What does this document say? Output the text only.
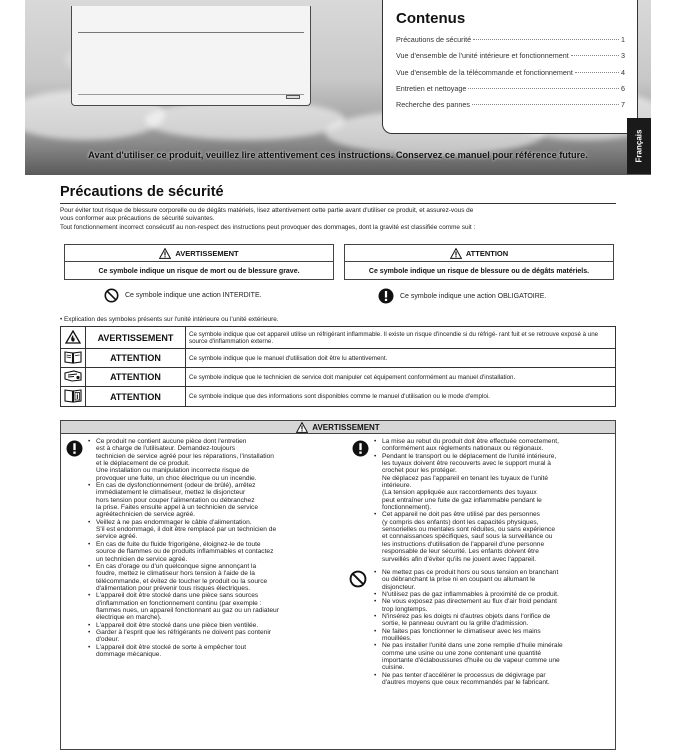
Contenus
Précautions de sécurité	1
Vue d'ensemble de l'unité intérieure et fonctionnement	3
Vue d'ensemble de la télécommande et fonctionnement	4
Entretien et nettoyage	6
Recherche des pannes	7
Avant d'utiliser ce produit, veuillez lire attentivement ces instructions. Conservez ce manuel pour référence future.	Français
Précautions de sécurité
Pour éviter tout risque de blessure corporelle ou de dégâts matériels, lisez attentivement cette partie avant d'utiliser ce produit, et assurez-vous de
vous conformer aux précautions de sécurité suivantes.
Tout fonctionnement incorrect consécutif au non-respect des instructions peut provoquer des dommages, dont la gravité est classifiée comme suit :
AVERTISSEMENT
Ce symbole indique un risque de mort ou de blessure grave.
ATTENTION
Ce symbole indique un risque de blessure ou de dégâts matériels.
Ce symbole indique une action INTERDITE.	Ce symbole indique une action OBLIGATOIRE.
• Explication des symboles présents sur l'unité intérieure ou l'unité extérieure.
	AVERTISSEMENT	Ce symbole indique que cet appareil utilise un réfrigérant inflammable. Il existe un risque d'incendie si du réfrigé- rant fuit et se retrouve exposé à une source d'inflammation externe.
	ATTENTION	Ce symbole indique que le manuel d'utilisation doit être lu attentivement.
	ATTENTION	Ce symbole indique que le technicien de service doit manipuler cet équipement conformément au manuel d'installation.
	ATTENTION	Ce symbole indique que des informations sont disponibles comme le manuel d'utilisation ou le mode d'emploi.
AVERTISSEMENT
• Ce produit ne contient aucune pièce dont l'entretien
est à charge de l'utilisateur. Demandez-toujours
technicien de service agréé pour les réparations, l'installation
et le déplacement de ce produit.
Une installation ou manipulation incorrecte risque de
provoquer une fuite, un choc électrique ou un incendie.
• En cas de dysfonctionnement (odeur de brûlé), arrêtez
immédiatement le climatiseur, mettez le disjoncteur
hors tension pour couper l'alimentation ou débranchez
la prise. Faites ensuite appel à un technicien de service
agréétechnicien de service agréé.
• Veillez à ne pas endommager le câble d'alimentation.
S'il est endommagé, il doit être remplacé par un technicien de
service agréé.
• En cas de fuite du fluide frigorigène, éloignez-le de toute
source de flammes ou de produits inflammables et contactez
un technicien de service agréé.
• En cas d'orage ou d'un quelconque signe annonçant la
foudre, mettez le climatiseur hors tension à l'aide de la
télécommande, et évitez de toucher le produit ou la source
d'alimentation pour prévenir tous risques électriques.
• L'appareil doit être stocké dans une pièce sans sources
d'inflammation en fonctionnement continu (par exemple :
flammes nues, un appareil fonctionnant au gaz ou un radiateur
électrique en marche).
• L'appareil doit être stocké dans une pièce bien ventilée.
• Garder à l'esprit que les réfrigérants ne doivent pas contenir
d'odeur.
• L'appareil doit être stocké de sorte à empêcher tout
dommage mécanique.
• La mise au rebut du produit doit être effectuée correctement,
conformément aux règlements nationaux ou régionaux.
• Pendant le transport ou le déplacement de l'unité intérieure,
les tuyaux doivent être recouverts avec le support mural à
crochet pour les protéger.
Ne déplacez pas l'appareil en tenant les tuyaux de l'unité
intérieure.
(La tension appliquée aux raccordements des tuyaux
peut entraîner une fuite de gaz inflammable pendant le
fonctionnement).
• Cet appareil ne doit pas être utilisé par des personnes
(y compris des enfants) dont les capacités physiques,
sensorielles ou mentales sont réduites, ou sans expérience
et connaissances spécifiques, sauf sous la surveillance ou
les instructions d'utilisation de l'appareil d'une personne
responsable de leur sécurité. Les enfants doivent être
surveillés afin d'éviter qu'ils ne jouent avec l'appareil.
• Ne mettez pas ce produit hors ou sous tension en branchant
ou débranchant la prise ni en coupant ou allumant le
disjoncteur.
• N'utilisez pas de gaz inflammables à proximité de ce produit.
• Ne vous exposez pas directement au flux d'air froid pendant
trop longtemps.
• N'insérez pas les doigts ni d'autres objets dans l'orifice de
sortie, le panneau ouvrant ou la grille d'admission.
• Ne faites pas fonctionner le climatiseur avec les mains
mouillées.
• Ne pas installer l'unité dans une zone remplie d'huile minérale
comme une usine ou une zone contenant une quantité
importante d'éclaboussures d'huile ou de vapeur comme une
cuisine.
• Ne pas tenter d'accélérer le processus de dégivrage par
d'autres moyens que ceux recommandés par le fabricant.
